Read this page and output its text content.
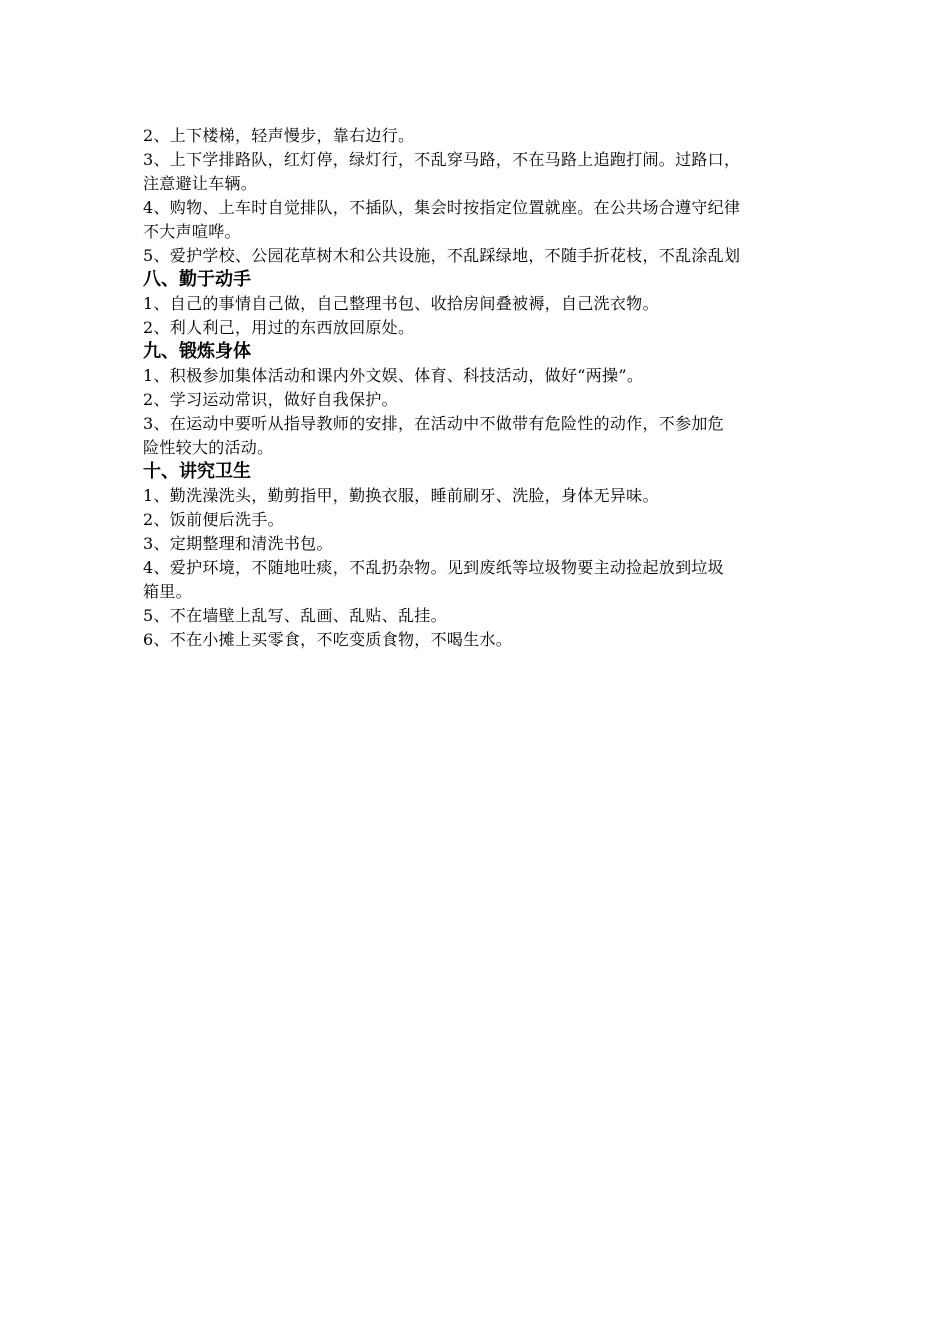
2、上下楼梯，轻声慢步，靠右边行。
3、上下学排路队，红灯停，绿灯行，不乱穿马路，不在马路上追跑打闹。过路口，
注意避让车辆。
4、购物、上车时自觉排队，不插队，集会时按指定位置就座。在公共场合遵守纪律
不大声喧哗。
5、爱护学校、公园花草树木和公共设施，不乱踩绿地，不随手折花枝，不乱涂乱划
八、勤于动手
1、自己的事情自己做，自己整理书包、收拾房间叠被褥，自己洗衣物。
2、利人利己，用过的东西放回原处。
九、锻炼身体
1、积极参加集体活动和课内外文娱、体育、科技活动，做好“两操”。
2、学习运动常识，做好自我保护。
3、在运动中要听从指导教师的安排，在活动中不做带有危险性的动作，不参加危
险性较大的活动。
十、讲究卫生
1、勤洗澡洗头，勤剪指甲，勤换衣服，睡前刷牙、洗脸，身体无异味。
2、饭前便后洗手。
3、定期整理和清洗书包。
4、爱护环境，不随地吐痰，不乱扔杂物。见到废纸等垃圾物要主动捡起放到垃圾
箱里。
5、不在墙壁上乱写、乱画、乱贴、乱挂。
6、不在小摊上买零食，不吃变质食物，不喝生水。
